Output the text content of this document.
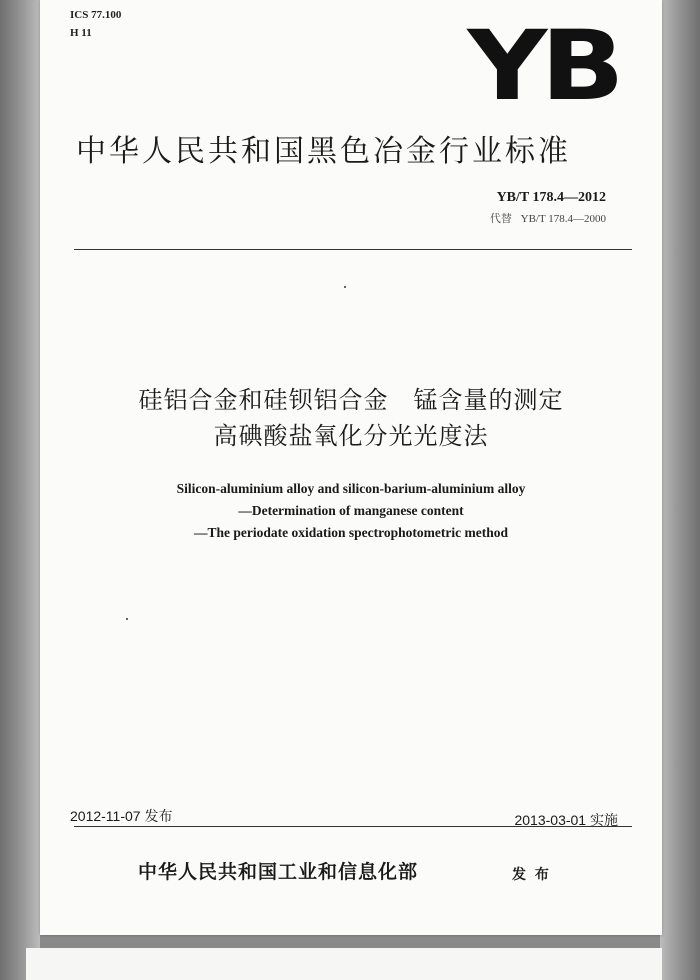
ICS 77.100
H 11	YB
中华人民共和国黑色冶金行业标准
YB/T 178.4—2012
代替 YB/T 178.4—2000
硅铝合金和硅钡铝合金　锰含量的测定
高碘酸盐氧化分光光度法
Silicon-aluminium alloy and silicon-barium-aluminium alloy
—Determination of manganese content
—The periodate oxidation spectrophotometric method
2012-11-07 发布	2013-03-01 实施
中华人民共和国工业和信息化部	发 布
